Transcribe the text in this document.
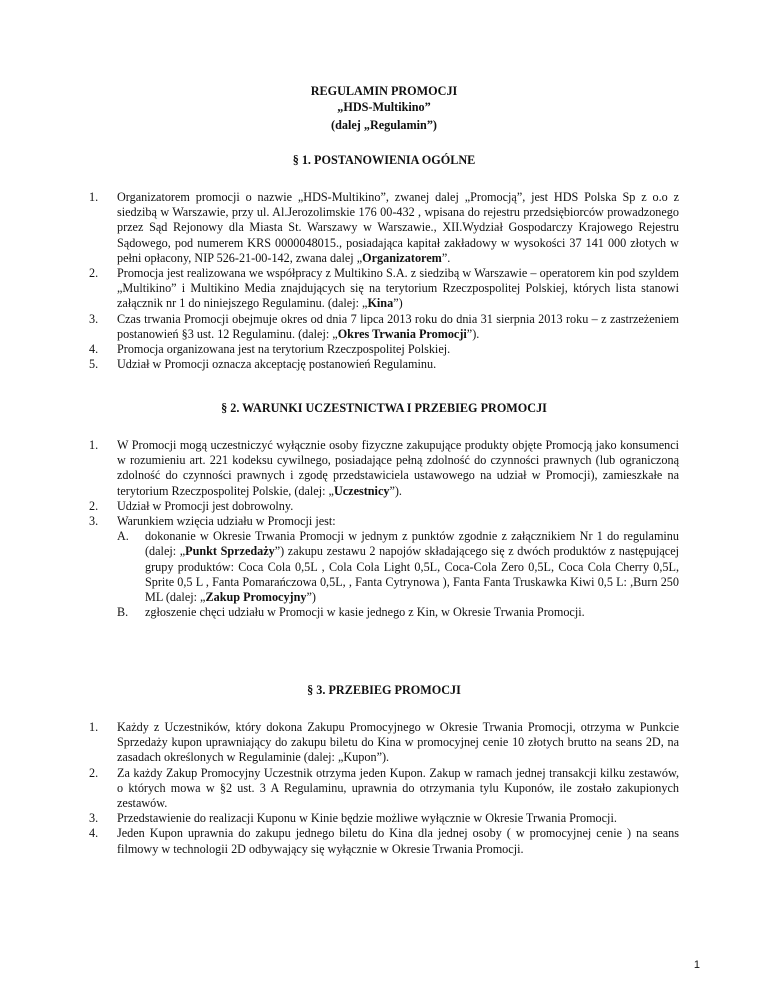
REGULAMIN PROMOCJI
„HDS-Multikino”
(dalej „Regulamin”)
§ 1. POSTANOWIENIA OGÓLNE
1. Organizatorem promocji o nazwie „HDS-Multikino”, zwanej dalej „Promocją”, jest HDS Polska Sp z o.o z siedzibą w Warszawie, przy ul. Al.Jerozolimskie 176 00-432 , wpisana do rejestru przedsiębiorców prowadzonego przez Sąd Rejonowy dla Miasta St. Warszawy w Warszawie., XII.Wydział Gospodarczy Krajowego Rejestru Sądowego, pod numerem KRS 0000048015., posiadająca kapitał zakładowy w wysokości 37 141 000 złotych w pełni opłacony, NIP 526-21-00-142, zwana dalej „Organizatorem”.
2. Promocja jest realizowana we współpracy z Multikino S.A. z siedzibą w Warszawie – operatorem kin pod szyldem „Multikino” i Multikino Media znajdujących się na terytorium Rzeczpospolitej Polskiej, których lista stanowi załącznik nr 1 do niniejszego Regulaminu. (dalej: „Kina”)
3. Czas trwania Promocji obejmuje okres od dnia 7 lipca 2013 roku do dnia 31 sierpnia 2013 roku – z zastrzeżeniem postanowień §3 ust. 12 Regulaminu. (dalej: „Okres Trwania Promocji”).
4. Promocja organizowana jest na terytorium Rzeczpospolitej Polskiej.
5. Udział w Promocji oznacza akceptację postanowień Regulaminu.
§ 2. WARUNKI UCZESTNICTWA I PRZEBIEG PROMOCJI
1. W Promocji mogą uczestniczyć wyłącznie osoby fizyczne zakupujące produkty objęte Promocją jako konsumenci w rozumieniu art. 221 kodeksu cywilnego, posiadające pełną zdolność do czynności prawnych (lub ograniczoną zdolność do czynności prawnych i zgodę przedstawiciela ustawowego na udział w Promocji), zamieszkałe na terytorium Rzeczpospolitej Polskie, (dalej: „Uczestnicy”).
2. Udział w Promocji jest dobrowolny.
3. Warunkiem wzięcia udziału w Promocji jest:
A. dokonanie w Okresie Trwania Promocji w jednym z punktów zgodnie z załącznikiem Nr 1 do regulaminu (dalej: „Punkt Sprzedaży”) zakupu zestawu 2 napojów składającego się z dwóch produktów z następującej grupy produktów: Coca Cola 0,5L , Cola Cola Light 0,5L, Coca-Cola Zero 0,5L, Coca Cola Cherry 0,5L, Sprite 0,5 L , Fanta Pomarańczowa 0,5L, , Fanta Cytrynowa ), Fanta Fanta Truskawka Kiwi 0,5 L: ,Burn 250 ML (dalej: „Zakup Promocyjny”)
B. zgłoszenie chęci udziału w Promocji w kasie jednego z Kin, w Okresie Trwania Promocji.
§ 3. PRZEBIEG PROMOCJI
1. Każdy z Uczestników, który dokona Zakupu Promocyjnego w Okresie Trwania Promocji, otrzyma w Punkcie Sprzedaży kupon uprawniający do zakupu biletu do Kina w promocyjnej cenie 10 złotych brutto na seans 2D, na zasadach określonych w Regulaminie (dalej: „Kupon”).
2. Za każdy Zakup Promocyjny Uczestnik otrzyma jeden Kupon. Zakup w ramach jednej transakcji kilku zestawów, o których mowa w §2 ust. 3 A Regulaminu, uprawnia do otrzymania tylu Kuponów, ile zostało zakupionych zestawów.
3. Przedstawienie do realizacji Kuponu w Kinie będzie możliwe wyłącznie w Okresie Trwania Promocji.
4. Jeden Kupon uprawnia do zakupu jednego biletu do Kina dla jednej osoby ( w promocyjnej cenie ) na seans filmowy w technologii 2D odbywający się wyłącznie w Okresie Trwania Promocji.
1
